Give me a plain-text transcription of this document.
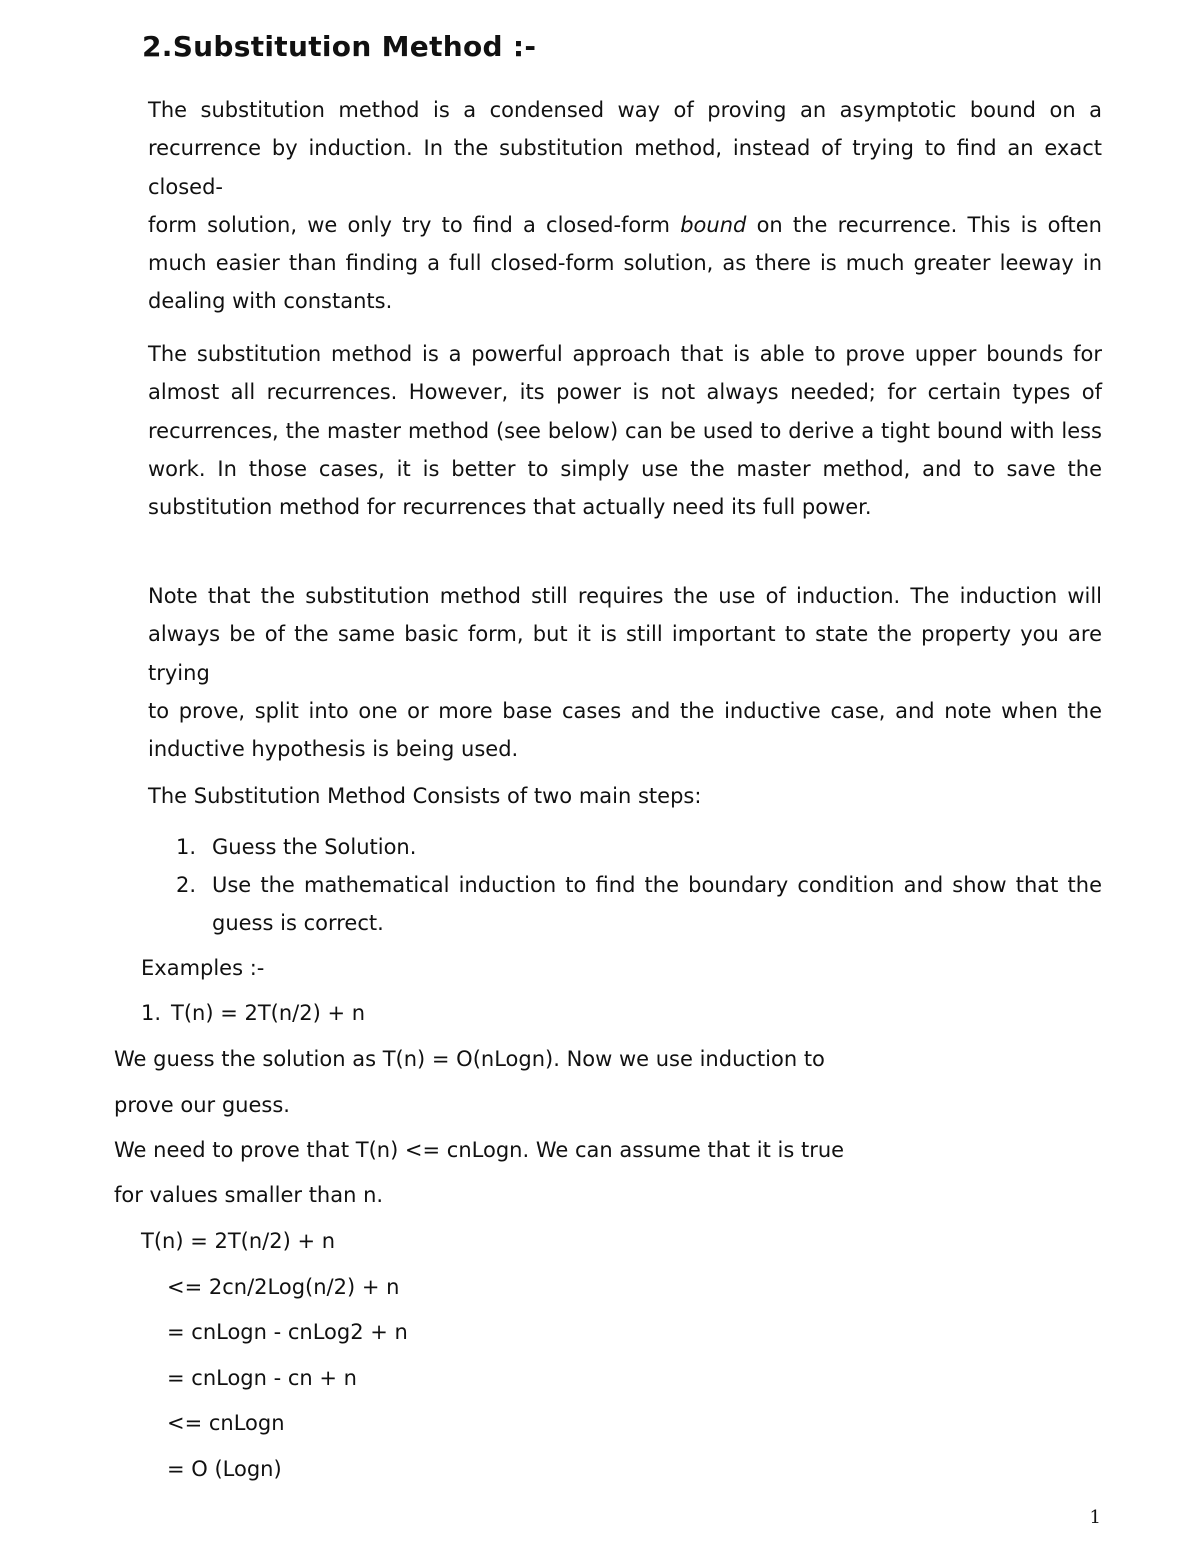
2.Substitution Method :-
The substitution method is a condensed way of proving an asymptotic bound on a
recurrence by induction. In the substitution method, instead of trying to find an exact closed-
form solution, we only try to find a closed-form bound on the recurrence. This is often
much easier than finding a full closed-form solution, as there is much greater leeway in
dealing with constants.
The substitution method is a powerful approach that is able to prove upper bounds for
almost all recurrences. However, its power is not always needed; for certain types of
recurrences, the master method (see below) can be used to derive a tight bound with less
work. In those cases, it is better to simply use the master method, and to save the
substitution method for recurrences that actually need its full power.
Note that the substitution method still requires the use of induction. The induction will
always be of the same basic form, but it is still important to state the property you are trying
to prove, split into one or more base cases and the inductive case, and note when the
inductive hypothesis is being used.
The Substitution Method Consists of two main steps:
1. Guess the Solution.
2. Use the mathematical induction to find the boundary condition and show that the
guess is correct.
Examples :-
1. T(n) = 2T(n/2) + n
We guess the solution as T(n) = O(nLogn). Now we use induction to
prove our guess.
We need to prove that T(n) <= cnLogn. We can assume that it is true
for values smaller than n.
T(n) = 2T(n/2) + n
<= 2cn/2Log(n/2) + n
= cnLogn - cnLog2 + n
= cnLogn - cn + n
<= cnLogn
= O (Logn)
1
